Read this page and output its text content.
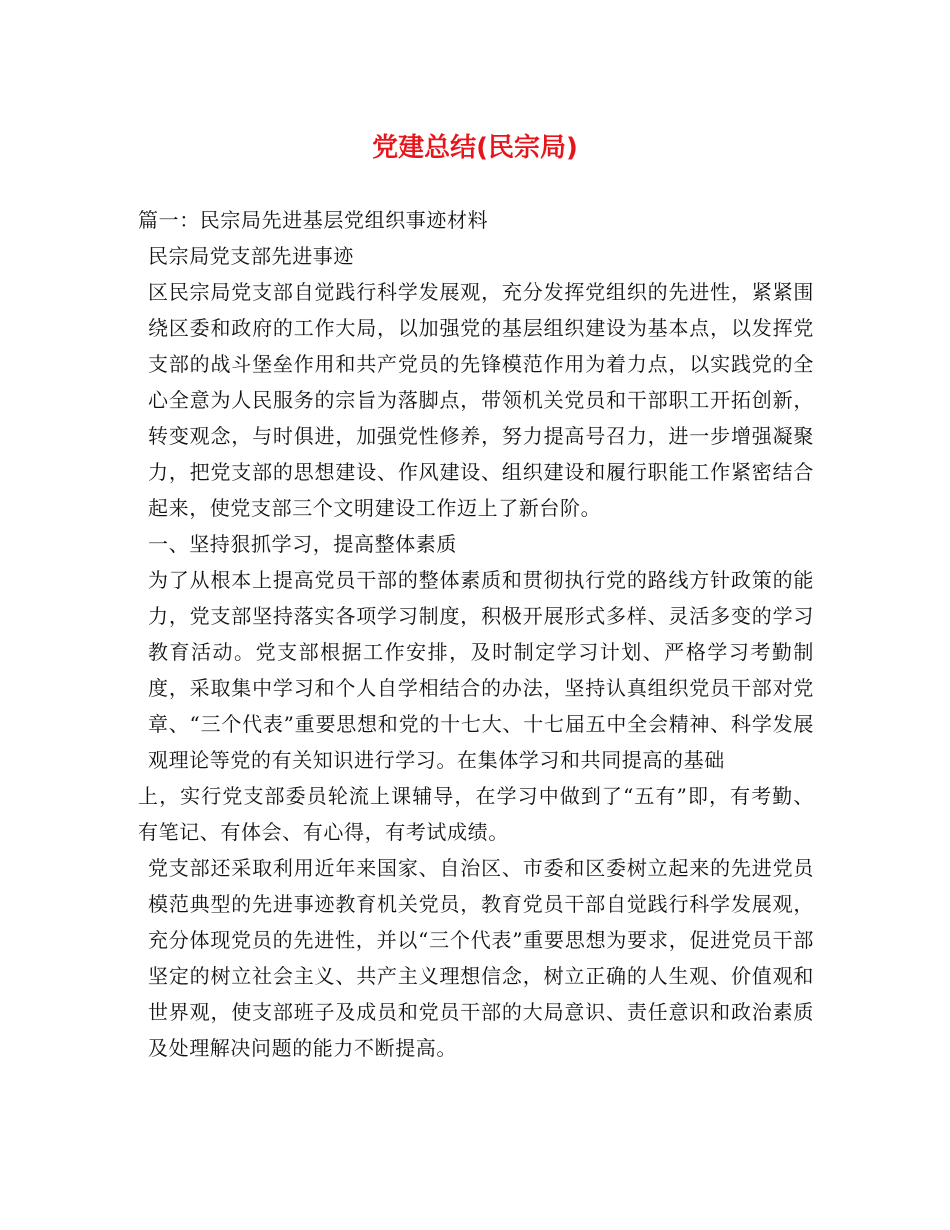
党建总结(民宗局)

篇一：民宗局先进基层党组织事迹材料

民宗局党支部先进事迹

区民宗局党支部自觉践行科学发展观，充分发挥党组织的先进性，紧紧围绕区委和政府的工作大局，以加强党的基层组织建设为基本点，以发挥党支部的战斗堡垒作用和共产党员的先锋模范作用为着力点，以实践党的全心全意为人民服务的宗旨为落脚点，带领机关党员和干部职工开拓创新，转变观念，与时俱进，加强党性修养，努力提高号召力，进一步增强凝聚力，把党支部的思想建设、作风建设、组织建设和履行职能工作紧密结合起来，使党支部三个文明建设工作迈上了新台阶。

一、坚持狠抓学习，提高整体素质

为了从根本上提高党员干部的整体素质和贯彻执行党的路线方针政策的能力，党支部坚持落实各项学习制度，积极开展形式多样、灵活多变的学习教育活动。党支部根据工作安排，及时制定学习计划、严格学习考勤制度，采取集中学习和个人自学相结合的办法，坚持认真组织党员干部对党章、“三个代表”重要思想和党的十七大、十七届五中全会精神、科学发展观理论等党的有关知识进行学习。在集体学习和共同提高的基础

上，实行党支部委员轮流上课辅导，在学习中做到了“五有”即，有考勤、有笔记、有体会、有心得，有考试成绩。

党支部还采取利用近年来国家、自治区、市委和区委树立起来的先进党员模范典型的先进事迹教育机关党员，教育党员干部自觉践行科学发展观，充分体现党员的先进性，并以“三个代表”重要思想为要求，促进党员干部坚定的树立社会主义、共产主义理想信念，树立正确的人生观、价值观和世界观，使支部班子及成员和党员干部的大局意识、责任意识和政治素质及处理解决问题的能力不断提高。
